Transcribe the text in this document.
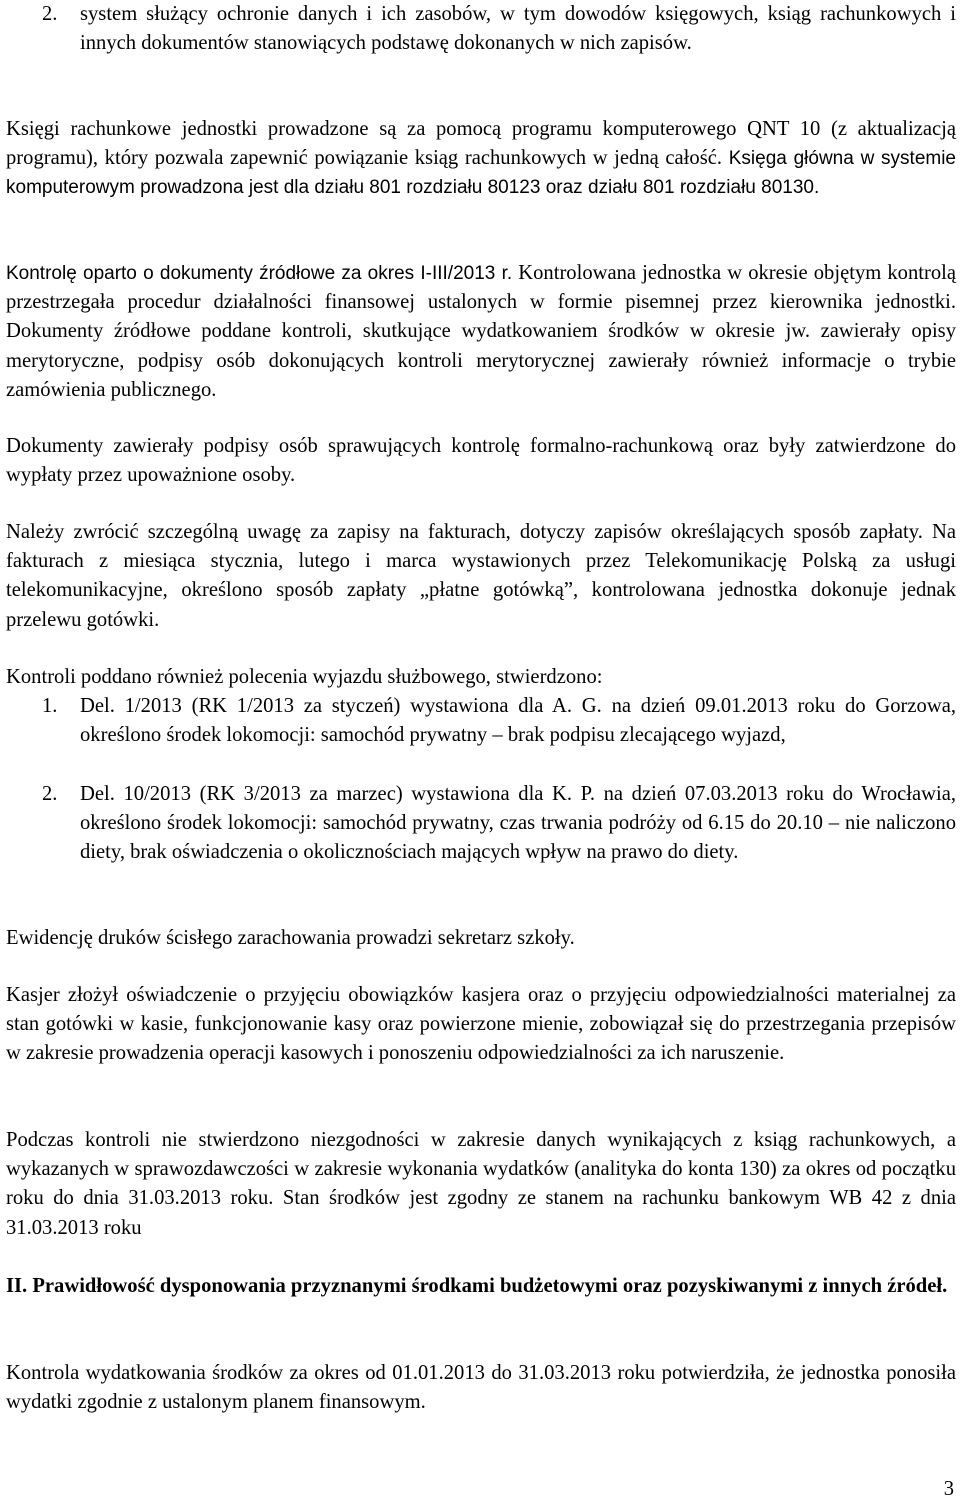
2.	system służący ochronie danych i ich zasobów, w tym dowodów księgowych, ksiąg rachunkowych i innych dokumentów stanowiących podstawę dokonanych w nich zapisów.
Księgi rachunkowe jednostki prowadzone są za pomocą programu komputerowego QNT 10 (z aktualizacją programu), który pozwala zapewnić powiązanie ksiąg rachunkowych w jedną całość. Księga główna w systemie komputerowym prowadzona jest dla działu 801 rozdziału 80123 oraz działu 801 rozdziału 80130.
Kontrolę oparto o dokumenty źródłowe za okres I-III/2013 r. Kontrolowana jednostka w okresie objętym kontrolą przestrzegała procedur działalności finansowej ustalonych w formie pisemnej przez kierownika jednostki. Dokumenty źródłowe poddane kontroli, skutkujące wydatkowaniem środków w okresie jw. zawierały opisy merytoryczne, podpisy osób dokonujących kontroli merytorycznej zawierały również informacje o trybie zamówienia publicznego.
Dokumenty zawierały podpisy osób sprawujących kontrolę formalno-rachunkową oraz były zatwierdzone do wypłaty przez upoważnione osoby.
Należy zwrócić szczególną uwagę za zapisy na fakturach, dotyczy zapisów określających sposób zapłaty. Na fakturach z miesiąca stycznia, lutego i marca wystawionych przez Telekomunikację Polską za usługi telekomunikacyjne, określono sposób zapłaty „płatne gotówką”, kontrolowana jednostka dokonuje jednak przelewu gotówki.
Kontroli poddano również polecenia wyjazdu służbowego, stwierdzono:
1.	Del. 1/2013 (RK 1/2013 za styczeń) wystawiona dla A. G. na dzień 09.01.2013 roku do Gorzowa, określono środek lokomocji: samochód prywatny – brak podpisu zlecającego wyjazd,
2.	Del. 10/2013 (RK 3/2013 za marzec) wystawiona dla K. P. na dzień 07.03.2013 roku do Wrocławia, określono środek lokomocji: samochód prywatny, czas trwania podróży od 6.15 do 20.10 – nie naliczono diety, brak oświadczenia o okolicznościach mających wpływ na prawo do diety.
Ewidencję druków ścisłego zarachowania prowadzi sekretarz szkoły.
Kasjer złożył oświadczenie o przyjęciu obowiązków kasjera oraz o przyjęciu odpowiedzialności materialnej za stan gotówki w kasie, funkcjonowanie kasy oraz powierzone mienie, zobowiązał się do przestrzegania przepisów w zakresie prowadzenia operacji kasowych i ponoszeniu odpowiedzialności za ich naruszenie.
Podczas kontroli nie stwierdzono niezgodności w zakresie danych wynikających z ksiąg rachunkowych, a wykazanych w sprawozdawczości w zakresie wykonania wydatków (analityka do konta 130) za okres od początku roku do dnia 31.03.2013 roku. Stan środków jest zgodny ze stanem na rachunku bankowym WB 42 z dnia 31.03.2013 roku
II. Prawidłowość dysponowania przyznanymi środkami budżetowymi oraz pozyskiwanymi z innych źródeł.
Kontrola wydatkowania środków za okres od 01.01.2013 do 31.03.2013 roku potwierdziła, że jednostka ponosiła wydatki zgodnie z ustalonym planem finansowym.
3
